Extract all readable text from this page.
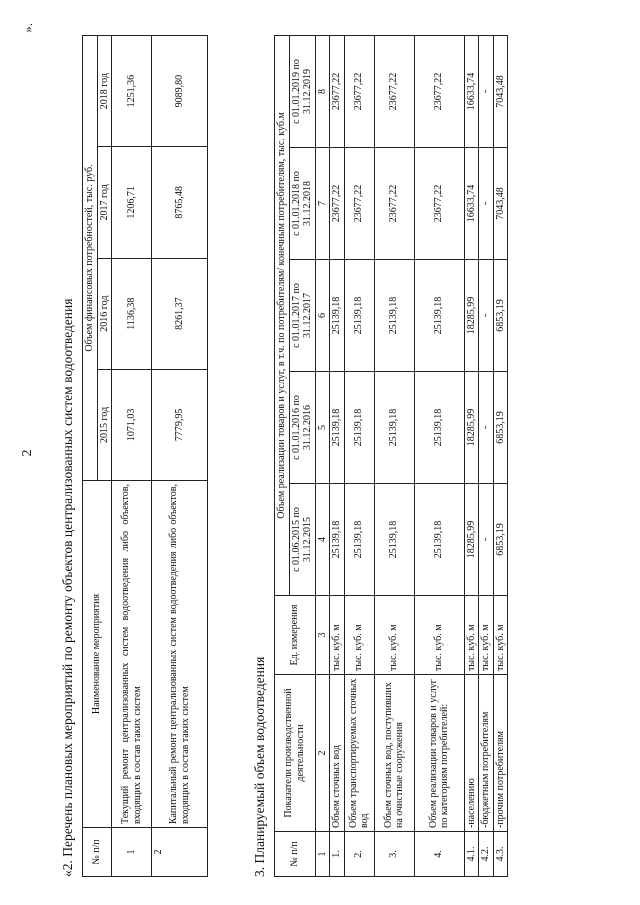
2 «2. Перечень плановых мероприятий по ремонту объектов централизованных систем водоотведения № п/п	Наименование мероприятия	Объем финансовых потребностей, тыс. руб.			
		2015 год	2016 год	2017 год	2018 год
1	Текущий ремонт централизованных систем водоотведения либо объектов, входящих в состав таких систем	1071,03	1136,38	1206,71	1251,36
2	Капитальный ремонт централизованных систем водоотведения либо объектов, входящих в состав таких систем	7779,95	8261,37	8765,48	9089,80
».
3. Планируемый объем водоотведения № п/п	Показатели производственной деятельности	Ед. измерения	Объем реализации товаров и услуг, в т.ч. по потребителям/ конечным потребителям, тыс. куб.м				
			с 01.06.2015 по 31.12.2015	с 01.01.2016 по 31.12.2016	с 01.01.2017 по 31.12.2017	с 01.01.2018 по 31.12.2018	с 01.01.2019 по 31.12.2019
1	2	3	4	5	6	7	8
1.	Объем сточных вод	тыс. куб. м	25139,18	25139,18	25139,18	23677,22	23677,22
2.	Объем транспортируемых сточных вод	тыс. куб. м	25139,18	25139,18	25139,18	23677,22	23677,22
3.	Объем сточных вод, поступивших на очистные сооружения	тыс. куб. м	25139,18	25139,18	25139,18	23677,22	23677,22
4.	Объем реализации товаров и услуг по категориям потребителей:	тыс. куб. м	25139,18	25139,18	25139,18	23677,22	23677,22
4.1.	-населению	тыс. куб. м	18285,99	18285,99	18285,99	16633,74	16633,74
4.2.	-бюджетным потребителям	тыс. куб. м	-	-	-	-	-
4.3.	-прочим потребителям	тыс. куб. м	6853,19	6853,19	6853,19	7043,48	7043,48
